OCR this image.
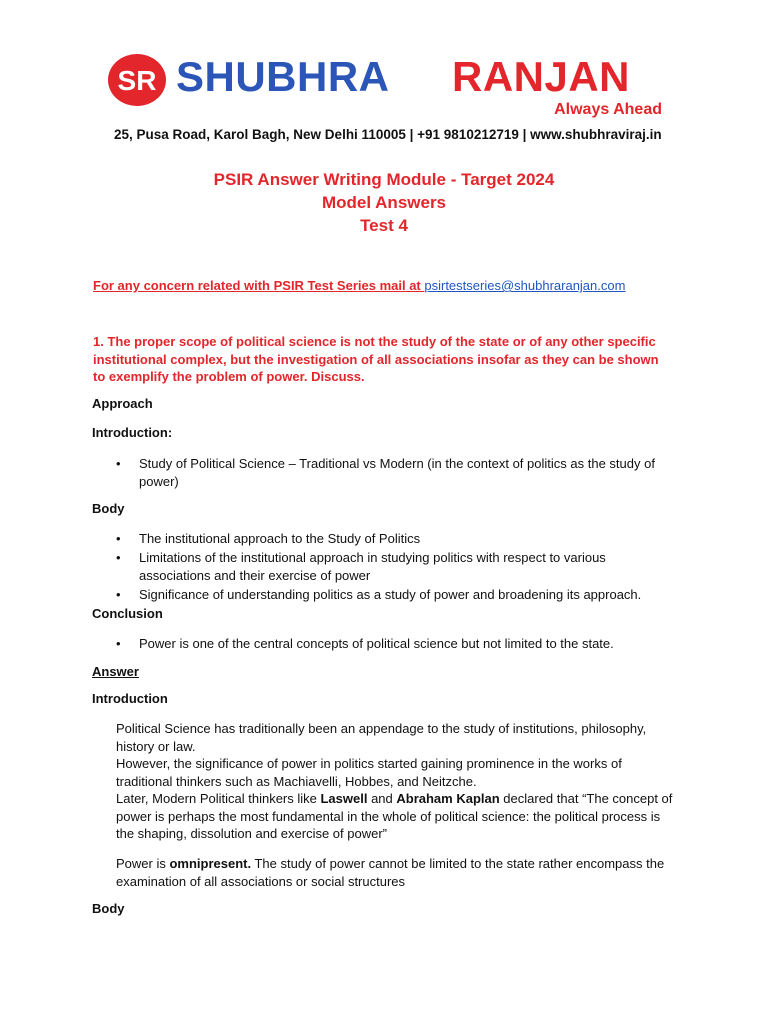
SR SHUBHRA RANJAN
Always Ahead
25, Pusa Road, Karol Bagh, New Delhi 110005 | +91 9810212719 | www.shubhraviraj.in
PSIR Answer Writing Module - Target 2024
Model Answers
Test 4
For any concern related with PSIR Test Series mail at psirtestseries@shubhraranjan.com
1. The proper scope of political science is not the study of the state or of any other specific institutional complex, but the investigation of all associations insofar as they can be shown to exemplify the problem of power. Discuss.
Approach
Introduction:
• Study of Political Science – Traditional vs Modern (in the context of politics as the study of power)
Body
• The institutional approach to the Study of Politics
• Limitations of the institutional approach in studying politics with respect to various associations and their exercise of power
• Significance of understanding politics as a study of power and broadening its approach.
Conclusion
• Power is one of the central concepts of political science but not limited to the state.
Answer
Introduction
Political Science has traditionally been an appendage to the study of institutions, philosophy, history or law.
However, the significance of power in politics started gaining prominence in the works of traditional thinkers such as Machiavelli, Hobbes, and Neitzche.
Later, Modern Political thinkers like Laswell and Abraham Kaplan declared that “The concept of power is perhaps the most fundamental in the whole of political science: the political process is the shaping, dissolution and exercise of power”
Power is omnipresent. The study of power cannot be limited to the state rather encompass the examination of all associations or social structures
Body
